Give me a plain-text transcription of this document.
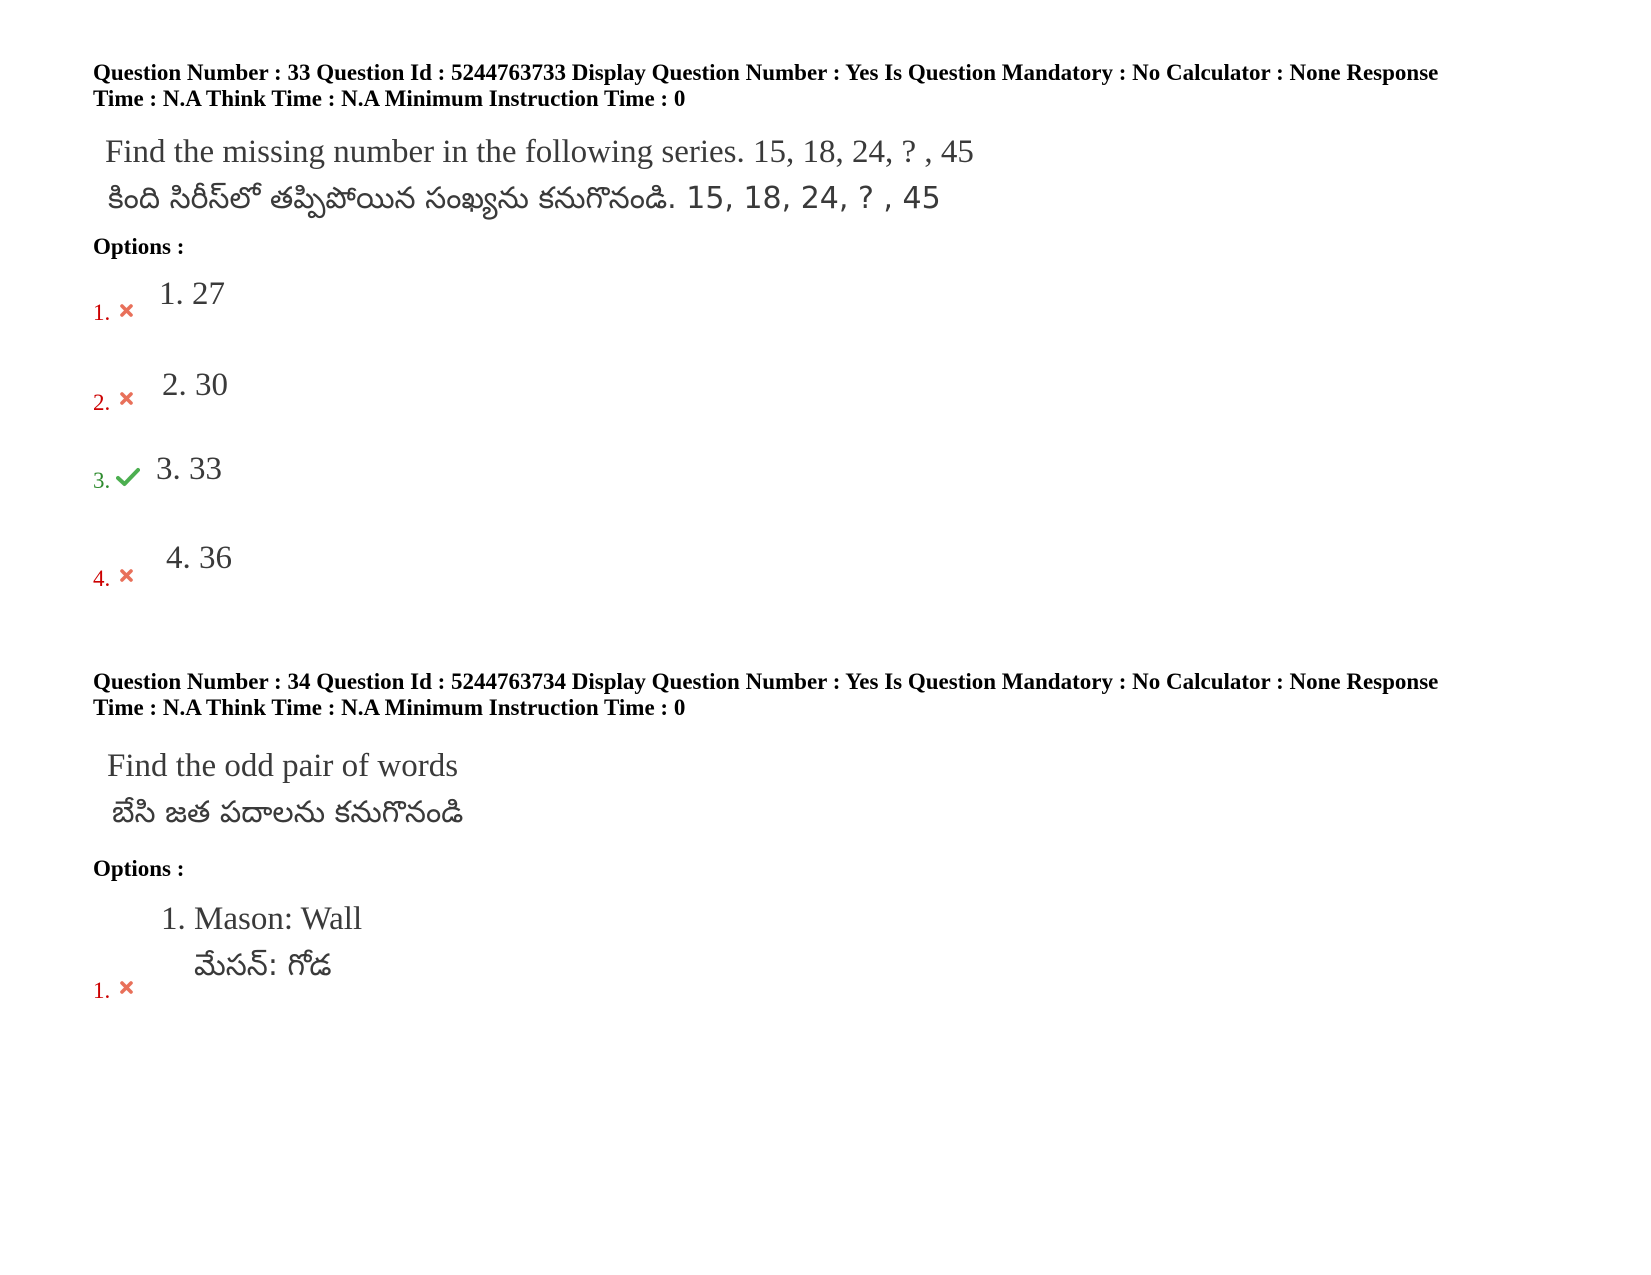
Question Number : 33 Question Id : 5244763733 Display Question Number : Yes Is Question Mandatory : No Calculator : None Response
Time : N.A Think Time : N.A Minimum Instruction Time : 0
Find the missing number in the following series. 15, 18, 24, ? , 45
కింది సిరీస్‌లో తప్పిపోయిన సంఖ్యను కనుగొనండి. 15, 18, 24, ? , 45
Options :
1.
1. 27
2. 2. 30
3. 3. 33
4.
4. 36
Question Number : 34 Question Id : 5244763734 Display Question Number : Yes Is Question Mandatory : No Calculator : None Response
Time : N.A Think Time : N.A Minimum Instruction Time : 0
Find the odd pair of words
బేసి జత పదాలను కనుగొనండి
Options :
1.
1. Mason: Wall
మేసన్: గోడ
